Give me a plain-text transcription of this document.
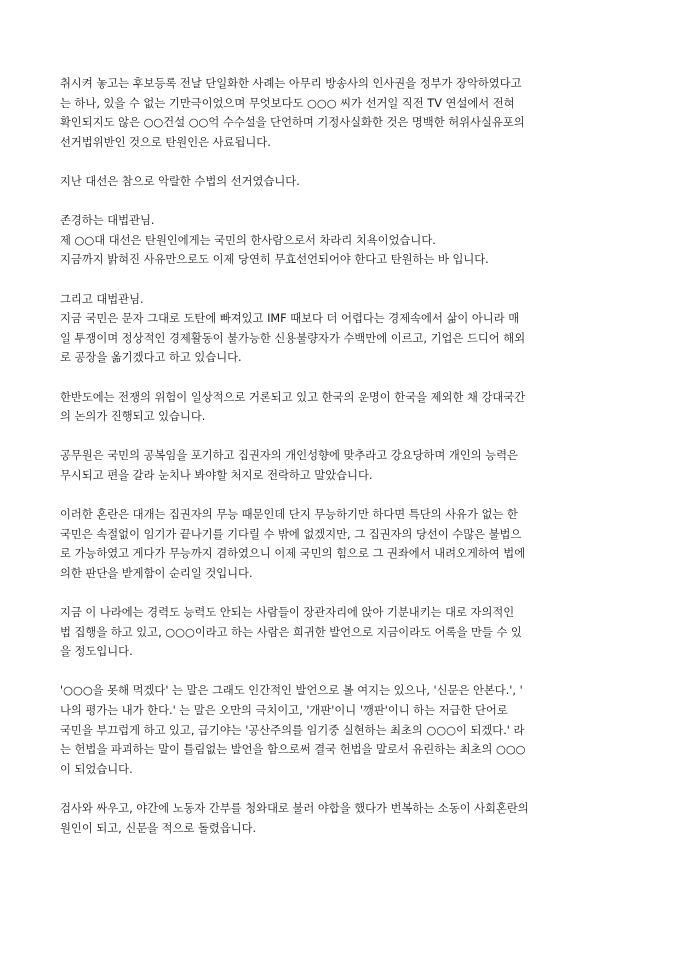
취시켜 놓고는 후보등록 전날 단일화한 사례는 아무리 방송사의 인사권을 정부가 장악하였다고
는 하나, 있을 수 없는 기만극이었으며 무엇보다도 ○○○ 씨가 선거일 직전 TV 연설에서 전혀
확인되지도 않은 ○○건설 ○○억 수수설을 단언하며 기정사실화한 것은 명백한 허위사실유포의
선거법위반인 것으로 탄원인은 사료됩니다.
지난 대선은 참으로 악랄한 수법의 선거였습니다.
존경하는 대법관님.
제 ○○대 대선은 탄원인에게는 국민의 한사람으로서 차라리 치욕이었습니다.
지금까지 밝혀진 사유만으로도 이제 당연히 무효선언되어야 한다고 탄원하는 바 입니다.
그리고 대법관님.
지금 국민은 문자 그대로 도탄에 빠져있고 IMF 때보다 더 어렵다는 경제속에서 삶이 아니라 매
일 투쟁이며 정상적인 경제활동이 불가능한 신용불량자가 수백만에 이르고, 기업은 드디어 해외
로 공장을 옮기겠다고 하고 있습니다.
한반도에는 전쟁의 위험이 일상적으로 거론되고 있고 한국의 운명이 한국을 제외한 채 강대국간
의 논의가 진행되고 있습니다.
공무원은 국민의 공복임을 포기하고 집권자의 개인성향에 맞추라고 강요당하며 개인의 능력은
무시되고 편을 갈라 눈치나 봐야할 처지로 전락하고 말았습니다.
이러한 혼란은 대개는 집권자의 무능 때문인데 단지 무능하기만 하다면 특단의 사유가 없는 한
국민은 속절없이 임기가 끝나기를 기다릴 수 밖에 없겠지만, 그 집권자의 당선이 수많은 불법으
로 가능하였고 게다가 무능까지 겸하였으니 이제 국민의 힘으로 그 권좌에서 내려오게하여 법에
의한 판단을 받게함이 순리일 것입니다.
지금 이 나라에는 경력도 능력도 안되는 사람들이 장관자리에 앉아 기분내키는 대로 자의적인
법 집행을 하고 있고, ○○○이라고 하는 사람은 희귀한 발언으로 지금이라도 어록을 만들 수 있
을 정도입니다.
'○○○을 못해 먹겠다' 는 말은 그래도 인간적인 발언으로 볼 여지는 있으나, '신문은 안본다.', '
나의 평가는 내가 한다.' 는 말은 오만의 극치이고, '개판'이니 '깽판'이니 하는 저급한 단어로
국민을 부끄럽게 하고 있고, 급기야는 '공산주의를 임기중 실현하는 최초의 ○○○이 되겠다.' 라
는 헌법을 파괴하는 말이 틀림없는 발언을 함으로써 결국 헌법을 말로서 유린하는 최초의 ○○○
이 되었습니다.
검사와 싸우고, 야간에 노동자 간부를 청와대로 불러 야합을 했다가 번복하는 소동이 사회혼란의
원인이 되고, 신문을 적으로 돌렸읍니다.
